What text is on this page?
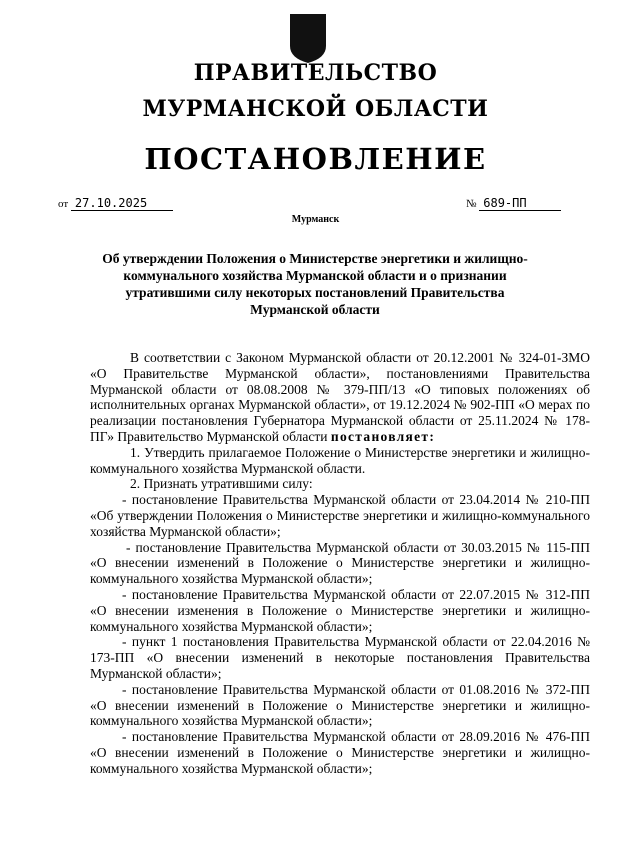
ПРАВИТЕЛЬСТВО
МУРМАНСКОЙ ОБЛАСТИ
ПОСТАНОВЛЕНИЕ
от 27.10.2025	№ 689-ПП
Мурманск
Об утверждении Положения о Министерстве энергетики и жилищно-коммунального хозяйства Мурманской области и о признании утратившими силу некоторых постановлений Правительства Мурманской области

В соответствии с Законом Мурманской области от 20.12.2001 № 324-01-ЗМО «О Правительстве Мурманской области», постановлениями Правительства Мурманской области от 08.08.2008 № 379-ПП/13 «О типовых положениях об исполнительных органах Мурманской области», от 19.12.2024 № 902-ПП «О мерах по реализации постановления Губернатора Мурманской области от 25.11.2024 № 178-ПГ» Правительство Мурманской области постановляет:

1. Утвердить прилагаемое Положение о Министерстве энергетики и жилищно-коммунального хозяйства Мурманской области.

2. Признать утратившими силу:

- постановление Правительства Мурманской области от 23.04.2014 № 210-ПП «Об утверждении Положения о Министерстве энергетики и жилищно-коммунального хозяйства Мурманской области»;

- постановление Правительства Мурманской области от 30.03.2015 № 115-ПП «О внесении изменений в Положение о Министерстве энергетики и жилищно-коммунального хозяйства Мурманской области»;

- постановление Правительства Мурманской области от 22.07.2015 № 312-ПП «О внесении изменения в Положение о Министерстве энергетики и жилищно-коммунального хозяйства Мурманской области»;

- пункт 1 постановления Правительства Мурманской области от 22.04.2016 № 173-ПП «О внесении изменений в некоторые постановления Правительства Мурманской области»;

- постановление Правительства Мурманской области от 01.08.2016 № 372-ПП «О внесении изменений в Положение о Министерстве энергетики и жилищно-коммунального хозяйства Мурманской области»;

- постановление Правительства Мурманской области от 28.09.2016 № 476-ПП «О внесении изменений в Положение о Министерстве энергетики и жилищно-коммунального хозяйства Мурманской области»;
